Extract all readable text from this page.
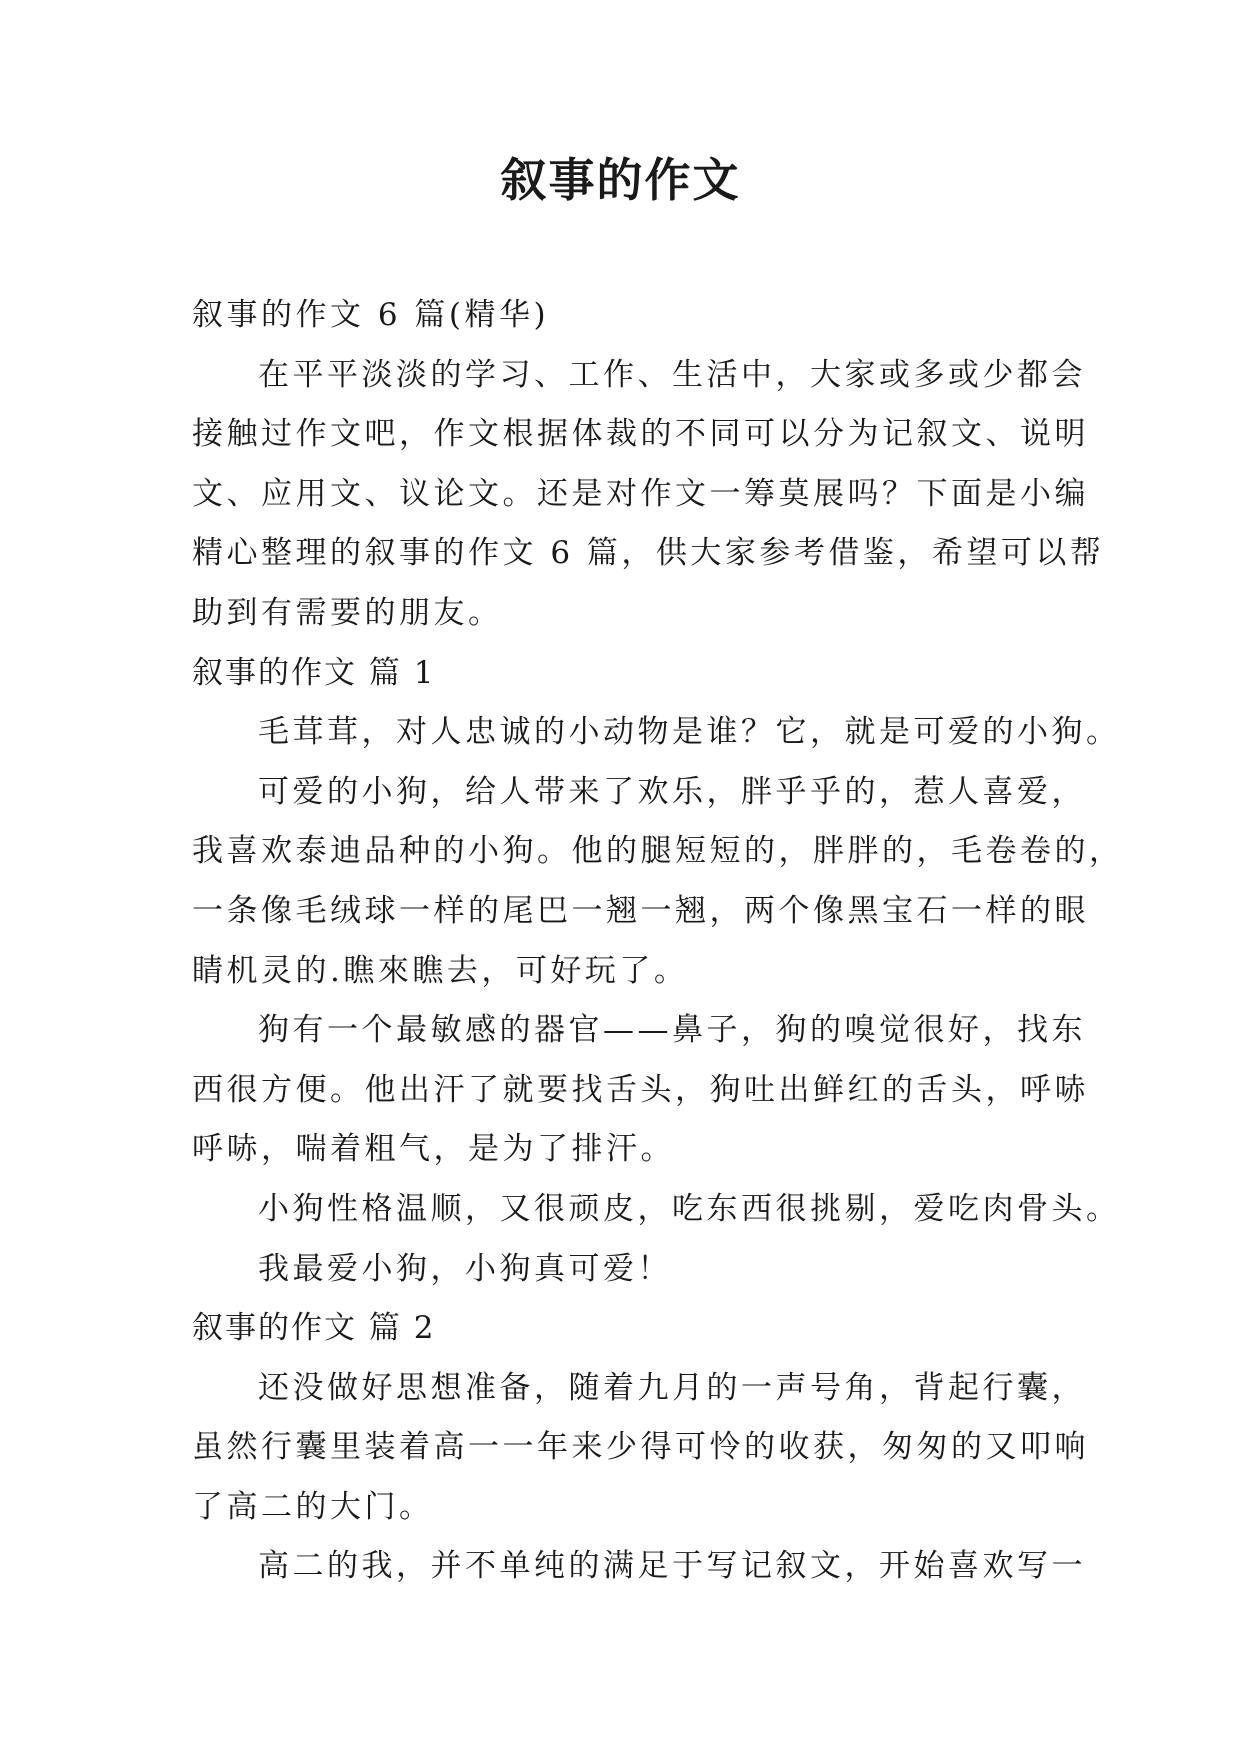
叙事的作文
叙事的作文 6 篇(精华)
在平平淡淡的学习、工作、生活中，大家或多或少都会
接触过作文吧，作文根据体裁的不同可以分为记叙文、说明
文、应用文、议论文。还是对作文一筹莫展吗？下面是小编
精心整理的叙事的作文 6 篇，供大家参考借鉴，希望可以帮
助到有需要的朋友。
叙事的作文 篇 1
毛茸茸，对人忠诚的小动物是谁？它，就是可爱的小狗。
可爱的小狗，给人带来了欢乐，胖乎乎的，惹人喜爱，
我喜欢泰迪品种的小狗。他的腿短短的，胖胖的，毛卷卷的，
一条像毛绒球一样的尾巴一翘一翘，两个像黑宝石一样的眼
睛机灵的.瞧來瞧去，可好玩了。
狗有一个最敏感的器官——鼻子，狗的嗅觉很好，找东
西很方便。他出汗了就要找舌头，狗吐出鲜红的舌头，呼哧
呼哧，喘着粗气，是为了排汗。
小狗性格温顺，又很顽皮，吃东西很挑剔，爱吃肉骨头。
我最爱小狗，小狗真可爱！
叙事的作文 篇 2
还没做好思想准备，随着九月的一声号角，背起行囊，
虽然行囊里装着高一一年来少得可怜的收获，匆匆的又叩响
了高二的大门。
高二的我，并不单纯的满足于写记叙文，开始喜欢写一
